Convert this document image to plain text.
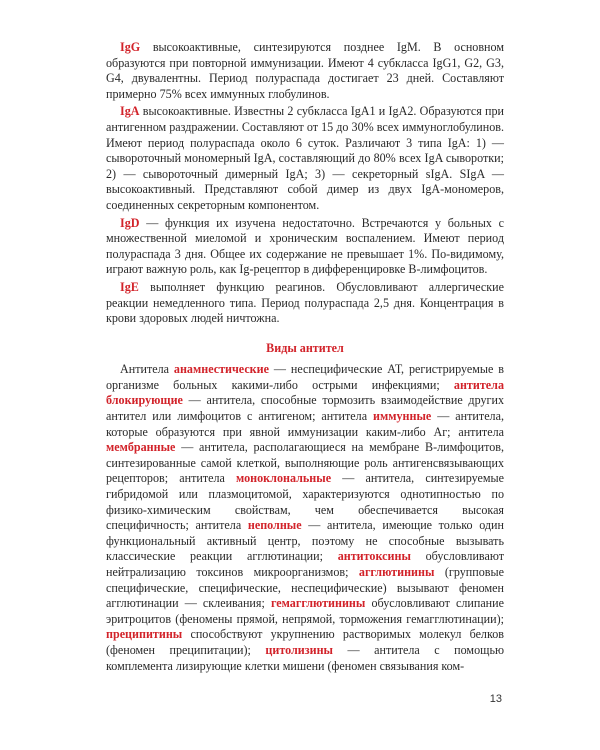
IgG высокоактивные, синтезируются позднее IgM. В основном образуются при повторной иммунизации. Имеют 4 субкласса IgG1, G2, G3, G4, двувалентны. Период полураспада достигает 23 дней. Составляют примерно 75% всех иммунных глобулинов.

IgA высокоактивные. Известны 2 субкласса IgA1 и IgA2. Образуются при антигенном раздражении. Составляют от 15 до 30% всех иммуноглобулинов. Имеют период полураспада около 6 суток. Различают 3 типа IgA: 1) — сывороточный мономерный IgA, составляющий до 80% всех IgA сыворотки; 2) — сывороточный димерный IgA; 3) — секреторный sIgA. SIgA — высокоактивный. Представляют собой димер из двух IgA-мономеров, соединенных секреторным компонентом.

IgD — функция их изучена недостаточно. Встречаются у больных с множественной миеломой и хроническим воспалением. Имеют период полураспада 3 дня. Общее их содержание не превышает 1%. По-видимому, играют важную роль, как Ig-рецептор в дифференцировке B-лимфоцитов.

IgE выполняет функцию реагинов. Обусловливают аллергические реакции немедленного типа. Период полураспада 2,5 дня. Концентрация в крови здоровых людей ничтожна.

Виды антител

Антитела анамнестические — неспецифические АТ, регистрируемые в организме больных какими-либо острыми инфекциями; антитела блокирующие — антитела, способные тормозить взаимодействие других антител или лимфоцитов с антигеном; антитела иммунные — антитела, которые образуются при явной иммунизации каким-либо Аг; антитела мембранные — антитела, располагающиеся на мембране B-лимфоцитов, синтезированные самой клеткой, выполняющие роль антигенсвязывающих рецепторов; антитела моноклональные — антитела, синтезируемые гибридомой или плазмоцитомой, характеризуются однотипностью по физико-химическим свойствам, чем обеспечивается высокая специфичность; антитела неполные — антитела, имеющие только один функциональный активный центр, поэтому не способные вызывать классические реакции агглютинации; антитоксины обусловливают нейтрализацию токсинов микроорганизмов; агглютинины (групповые специфические, специфические, неспецифические) вызывают феномен агглютинации — склеивания; гемагглютинины обусловливают слипание эритроцитов (феномены прямой, непрямой, торможения гемагглютинации); преципитины способствуют укрупнению растворимых молекул белков (феномен преципитации); цитолизины — антитела с помощью комплемента лизирующие клетки мишени (феномен связывания ком-

13
